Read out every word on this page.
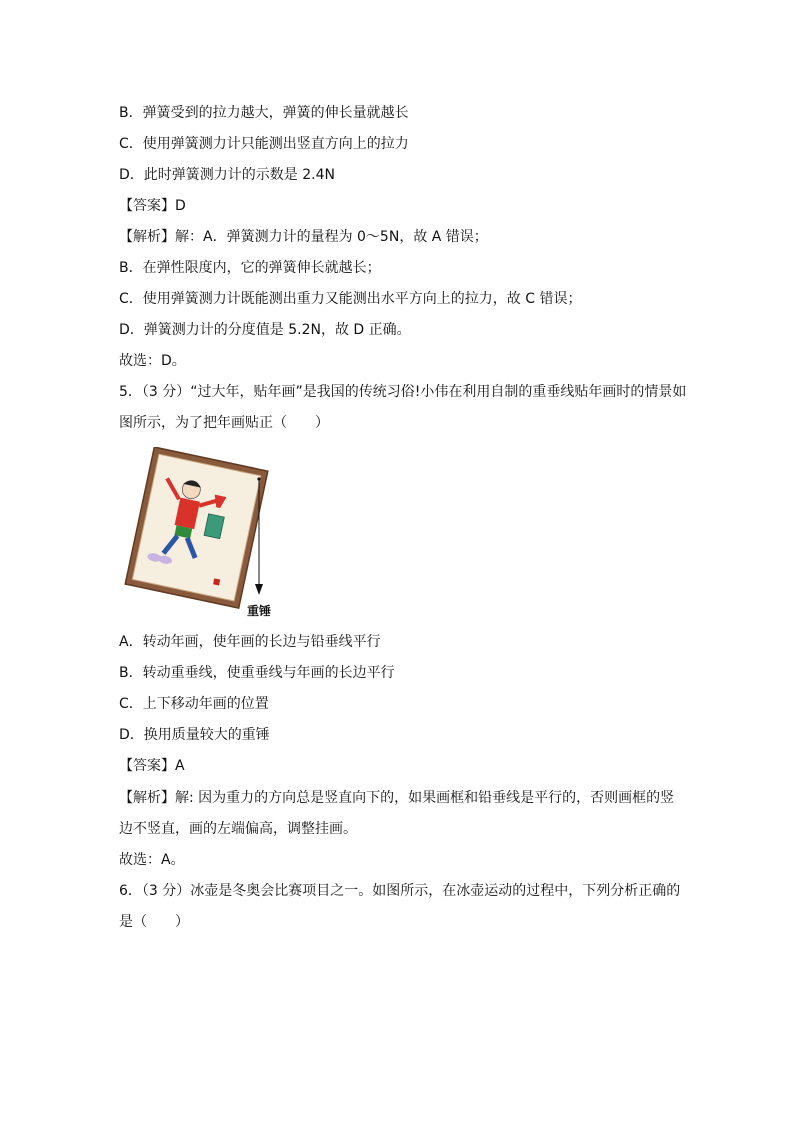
B．弹簧受到的拉力越大，弹簧的伸长量就越长
C．使用弹簧测力计只能测出竖直方向上的拉力
D．此时弹簧测力计的示数是 2.4N
【答案】D
【解析】解：A．弹簧测力计的量程为 0～5N，故 A 错误；
B．在弹性限度内，它的弹簧伸长就越长；
C．使用弹簧测力计既能测出重力又能测出水平方向上的拉力，故 C 错误；
D．弹簧测力计的分度值是 5.2N，故 D 正确。
故选：D。
5．（3 分）“过大年，贴年画”是我国的传统习俗!小伟在利用自制的重垂线贴年画时的情景如
图所示，为了把年画贴正（　　）
重锤
A．转动年画，使年画的长边与铅垂线平行
B．转动重垂线，使重垂线与年画的长边平行
C．上下移动年画的位置
D．换用质量较大的重锤
【答案】A
【解析】解: 因为重力的方向总是竖直向下的，如果画框和铅垂线是平行的，否则画框的竖
边不竖直，画的左端偏高，调整挂画。
故选：A。
6．（3 分）冰壶是冬奥会比赛项目之一。如图所示，在冰壶运动的过程中，下列分析正确的
是（　　）
